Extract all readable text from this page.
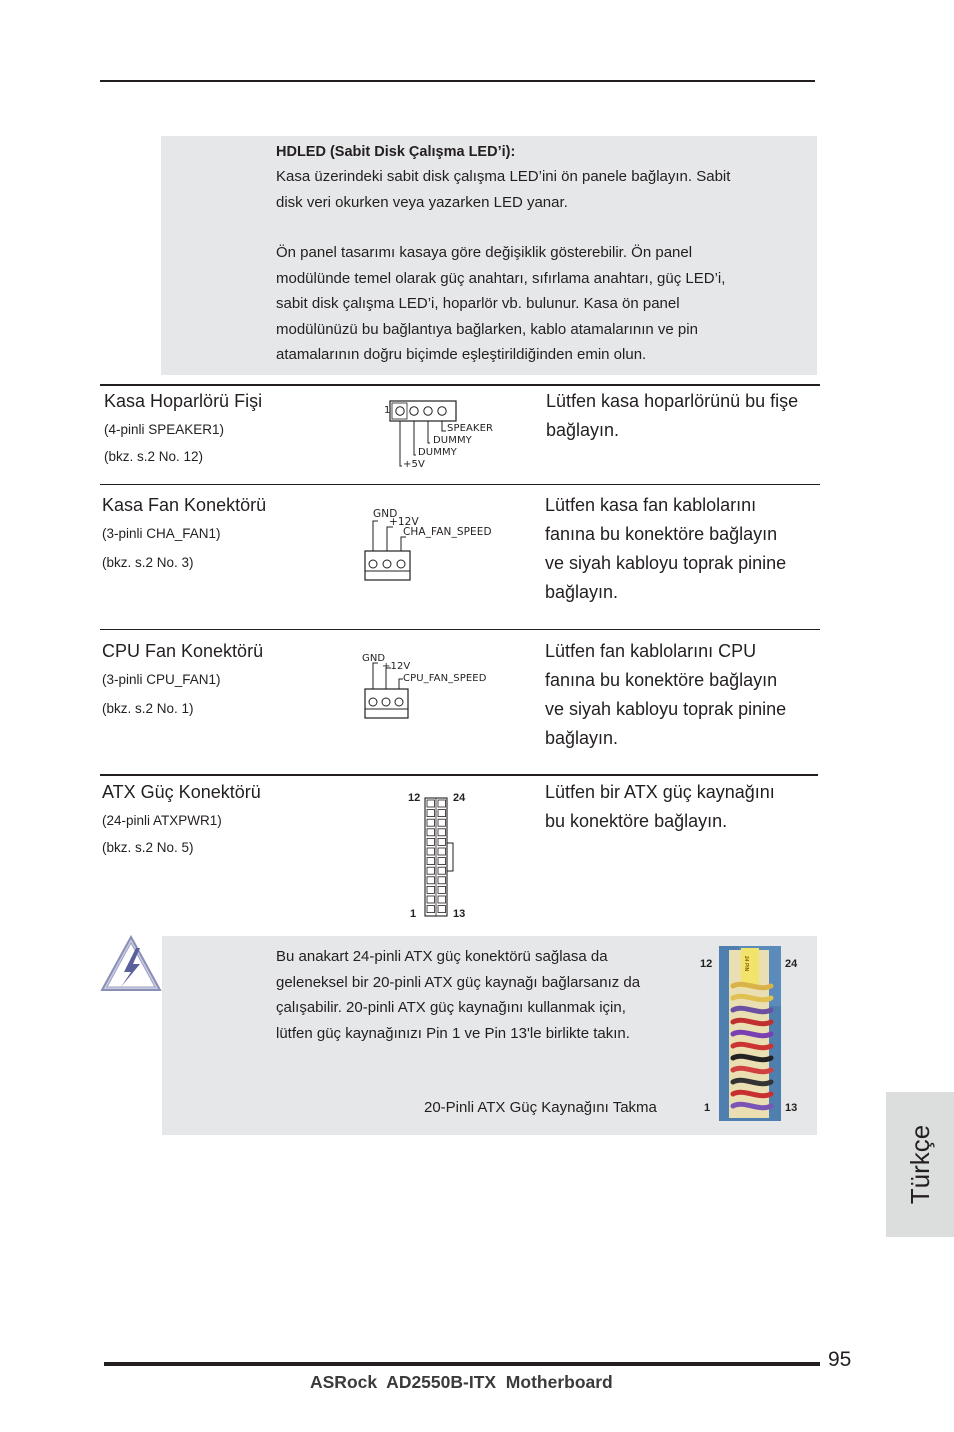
HDLED (Sabit Disk Çalışma LED’i):
Kasa üzerindeki sabit disk çalışma LED’ini ön panele bağlayın. Sabit
disk veri okurken veya yazarken LED yanar.
Ön panel tasarımı kasaya göre değişiklik gösterebilir. Ön panel
modülünde temel olarak güç anahtarı, sıfırlama anahtarı, güç LED’i,
sabit disk çalışma LED’i, hoparlör vb. bulunur. Kasa ön panel
modülünüzü bu bağlantıya bağlarken, kablo atamalarının ve pin
atamalarının doğru biçimde eşleştirildiğinden emin olun.
Kasa Hoparlörü Fişi
(4-pinli SPEAKER1)
(bkz. s.2 No. 12)
Lütfen kasa hoparlörünü bu fişe
bağlayın.
1
SPEAKER
DUMMY
DUMMY
+5V
Kasa Fan Konektörü
(3-pinli CHA_FAN1)
(bkz. s.2 No. 3)
Lütfen kasa fan kablolarını
fanına bu konektöre bağlayın
ve siyah kabloyu toprak pinine
bağlayın.
GND
+12V
CHA_FAN_SPEED
CPU Fan Konektörü
(3-pinli CPU_FAN1)
(bkz. s.2 No. 1)
Lütfen fan kablolarını CPU
fanına bu konektöre bağlayın
ve siyah kabloyu toprak pinine
bağlayın.
GND
+12V
CPU_FAN_SPEED
ATX Güç Konektörü
(24-pinli ATXPWR1)
(bkz. s.2 No. 5)
Lütfen bir ATX güç kaynağını
bu konektöre bağlayın.
12	24
1	13
Bu anakart 24-pinli ATX güç konektörü sağlasa da
geleneksel bir 20-pinli ATX güç kaynağı bağlarsanız da
çalışabilir. 20-pinli ATX güç kaynağını kullanmak için,
lütfen güç kaynağınızı Pin 1 ve Pin 13'le birlikte takın.
20-Pinli ATX Güç Kaynağını Takma
24 PIN
12	24
1	13
Türkçe
95
ASRock  AD2550B-ITX  Motherboard
